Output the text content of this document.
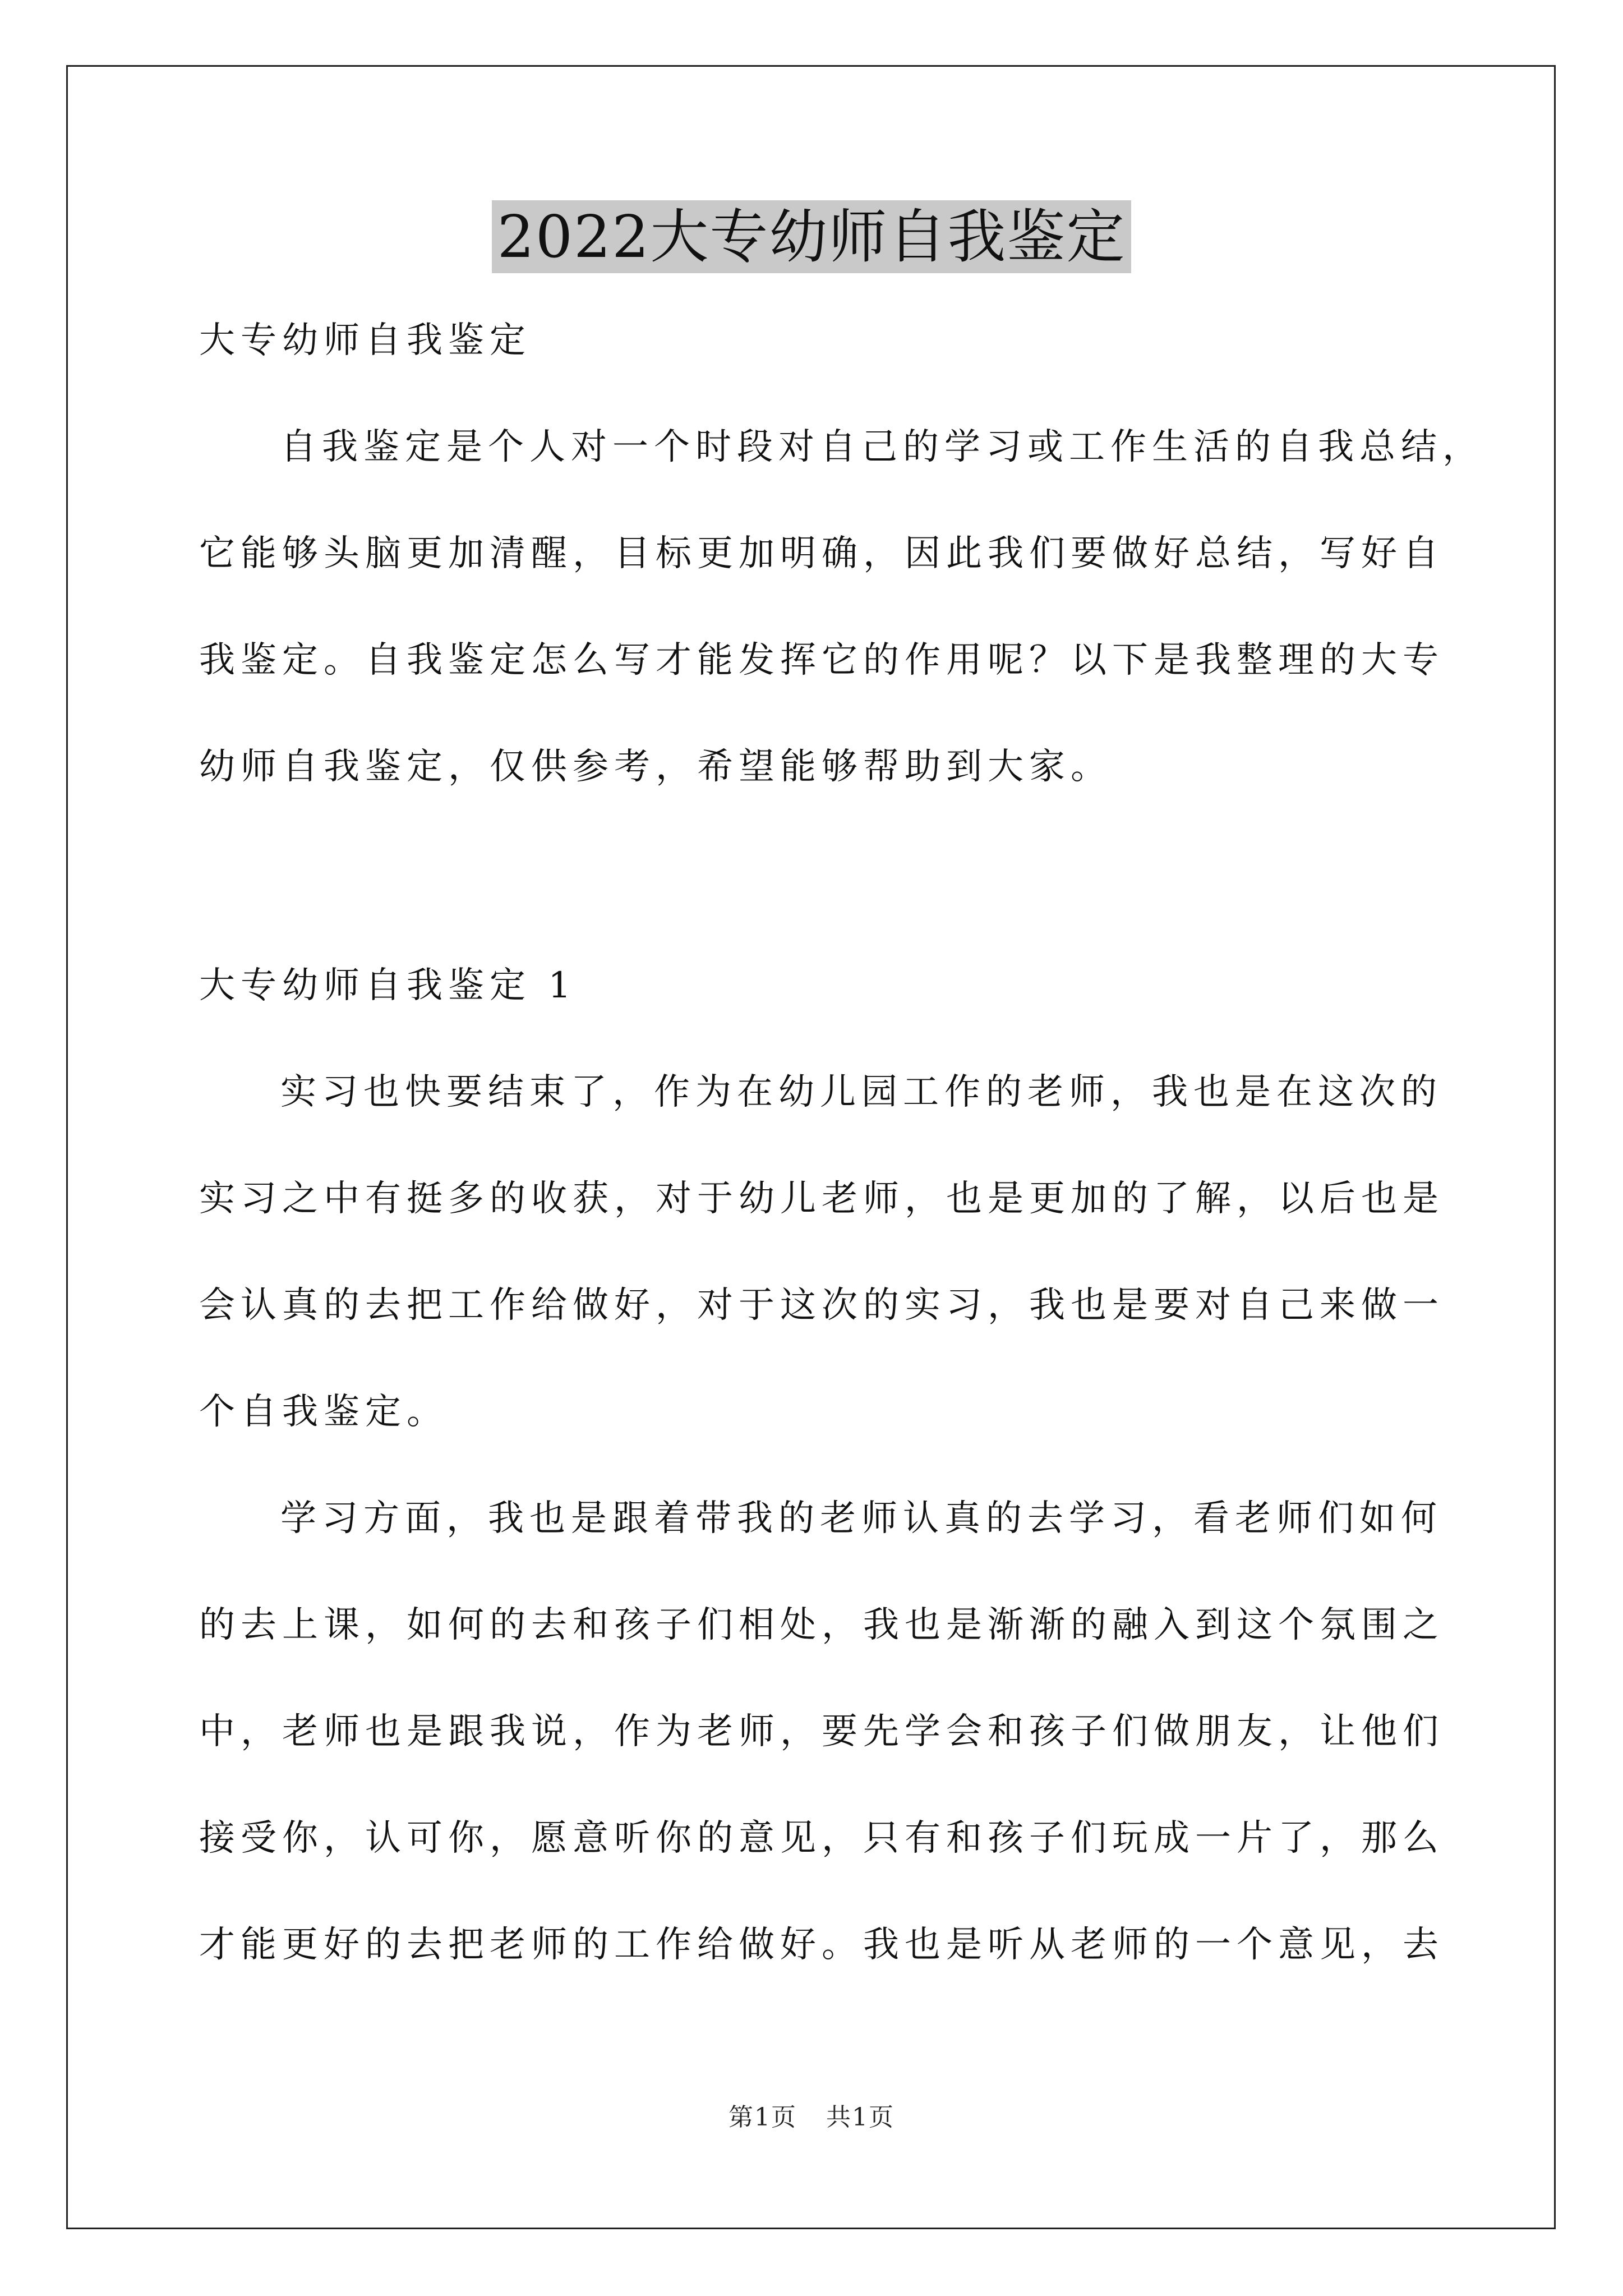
2022大专幼师自我鉴定
大专幼师自我鉴定
自我鉴定是个人对一个时段对自己的学习或工作生活的自我总结，
它能够头脑更加清醒，目标更加明确，因此我们要做好总结，写好自
我鉴定。自我鉴定怎么写才能发挥它的作用呢？以下是我整理的大专
幼师自我鉴定，仅供参考，希望能够帮助到大家。
大专幼师自我鉴定 1
实习也快要结束了，作为在幼儿园工作的老师，我也是在这次的
实习之中有挺多的收获，对于幼儿老师，也是更加的了解，以后也是
会认真的去把工作给做好，对于这次的实习，我也是要对自己来做一
个自我鉴定。
学习方面，我也是跟着带我的老师认真的去学习，看老师们如何
的去上课，如何的去和孩子们相处，我也是渐渐的融入到这个氛围之
中，老师也是跟我说，作为老师，要先学会和孩子们做朋友，让他们
接受你，认可你，愿意听你的意见，只有和孩子们玩成一片了，那么
才能更好的去把老师的工作给做好。我也是听从老师的一个意见，去
第1页 共1页
